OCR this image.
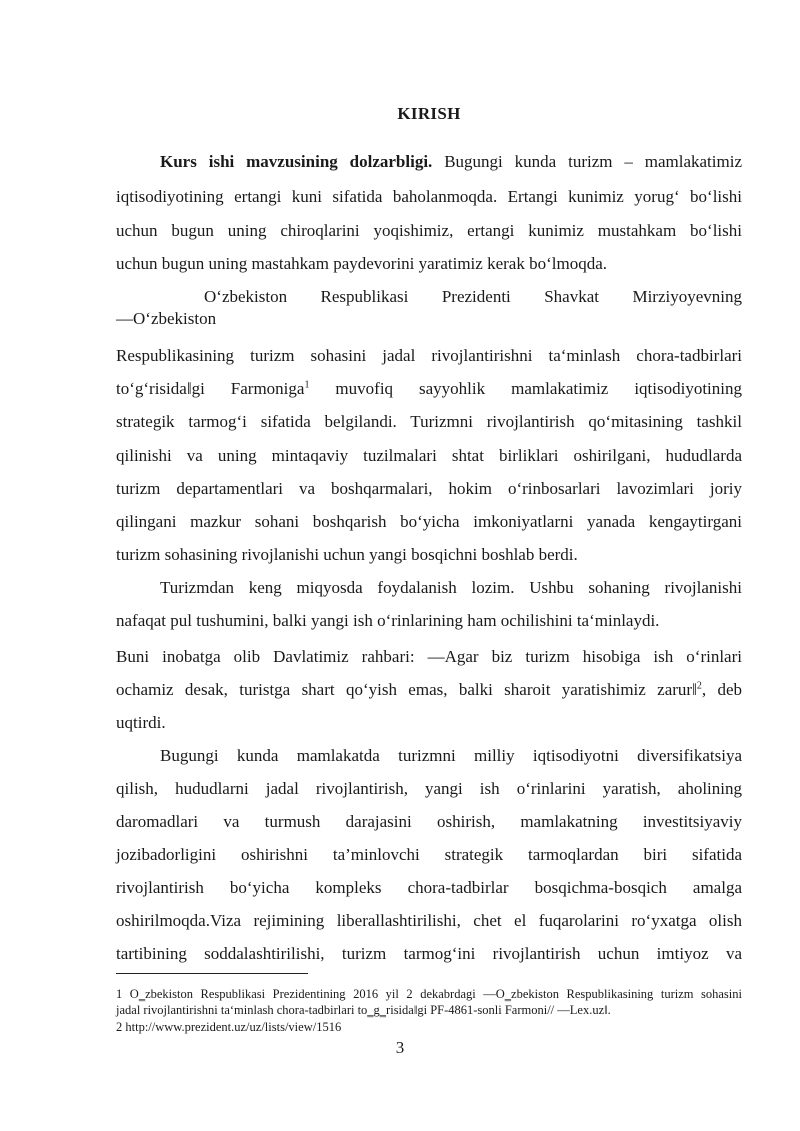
KIRISH
Kurs ishi mavzusining dolzarbligi. Bugungi kunda turizm – mamlakatimiz
iqtisodiyotining ertangi kuni sifatida baholanmoqda. Ertangi kunimiz yorug‘ bo‘lishi
uchun bugun uning chiroqlarini yoqishimiz, ertangi kunimiz mustahkam bo‘lishi
uchun bugun uning mastahkam paydevorini yaratimiz kerak bo‘lmoqda.
O‘zbekiston Respublikasi Prezidenti Shavkat Mirziyoyevning
―O‘zbekiston
Respublikasining turizm sohasini jadal rivojlantirishni ta‘minlash chora-tadbirlari
to‘g‘risida‖gi Farmoniga$^1$ muvofiq sayyohlik mamlakatimiz iqtisodiyotining
strategik tarmog‘i sifatida belgilandi. Turizmni rivojlantirish qo‘mitasining tashkil
qilinishi va uning mintaqaviy tuzilmalari shtat birliklari oshirilgani, hududlarda
turizm departamentlari va boshqarmalari, hokim o‘rinbosarlari lavozimlari joriy
qilingani mazkur sohani boshqarish bo‘yicha imkoniyatlarni yanada kengaytirgani
turizm sohasining rivojlanishi uchun yangi bosqichni boshlab berdi.
Turizmdan keng miqyosda foydalanish lozim. Ushbu sohaning rivojlanishi
nafaqat pul tushumini, balki yangi ish o‘rinlarining ham ochilishini ta‘minlaydi.
Buni inobatga olib Davlatimiz rahbari: ―Agar biz turizm hisobiga ish o‘rinlari
ochamiz desak, turistga shart qo‘yish emas, balki sharoit yaratishimiz zarur‖$^2$, deb
uqtirdi.
Bugungi kunda mamlakatda turizmni milliy iqtisodiyotni diversifikatsiya
qilish, hududlarni jadal rivojlantirish, yangi ish o‘rinlarini yaratish, aholining
daromadlari va turmush darajasini oshirish, mamlakatning investitsiyaviy
jozibadorligini oshirishni ta’minlovchi strategik tarmoqlardan biri sifatida
rivojlantirish bo‘yicha kompleks chora-tadbirlar bosqichma-bosqich amalga
oshirilmoqda.Viza rejimining liberallashtirilishi, chet el fuqarolarini ro‘yxatga olish
tartibining soddalashtirilishi, turizm tarmog‘ini rivojlantirish uchun imtiyoz va
1 O‗zbekiston Respublikasi Prezidentining 2016 yil 2 dekabrdagi ―O‗zbekiston Respublikasining turizm sohasini
jadal rivojlantirishni ta‘minlash chora-tadbirlari to‗g‗risida‖gi PF-4861-sonli Farmoni// ―Lex.uz‖.
2 http://www.prezident.uz/uz/lists/view/1516
3
